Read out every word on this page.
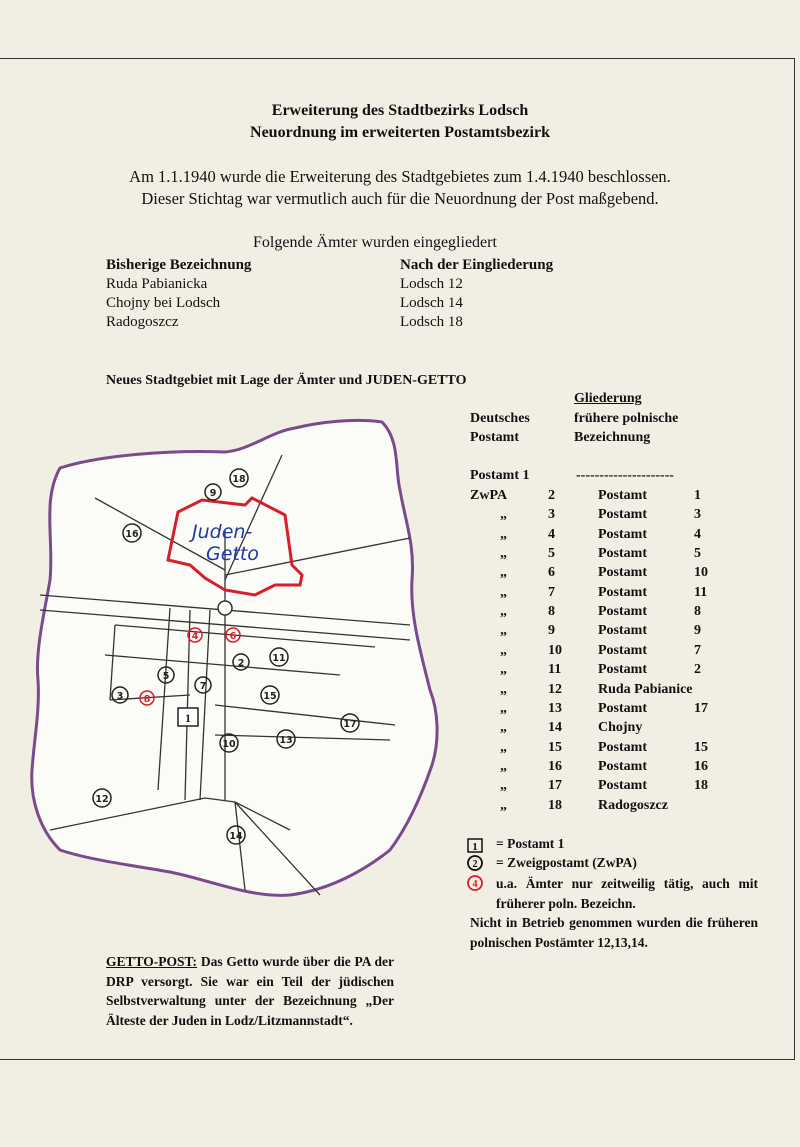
Erweiterung des Stadtbezirks Lodsch
Neuordnung im erweiterten Postamtsbezirk
Am 1.1.1940 wurde die Erweiterung des Stadtgebietes zum 1.4.1940 beschlossen.
Dieser Stichtag war vermutlich auch für die Neuordnung der Post maßgebend.
Folgende Ämter wurden eingegliedert
Bisherige Bezeichnung	Nach der Eingliederung
Ruda Pabianicka	Lodsch 12
Chojny bei Lodsch	Lodsch 14
Radogoszcz	Lodsch 18
Neues Stadtgebiet mit Lage der Ämter und JUDEN-GETTO
Juden-
Getto
1
2
3
4
5
6
7
8
9
10
11
12
13
14
15
16
17
18
Gliederung
Deutsches
Postamt
frühere polnische
Bezeichnung
Postamt 1	---------------------
ZwPA	2	Postamt	1
„	3	Postamt	3
„	4	Postamt	4
„	5	Postamt	5
„	6	Postamt	10
„	7	Postamt	11
„	8	Postamt	8
„	9	Postamt	9
„	10	Postamt	7
„	11	Postamt	2
„	12	Ruda Pabianice
„	13	Postamt	17
„	14	Chojny
„	15	Postamt	15
„	16	Postamt	16
„	17	Postamt	18
„	18	Radogoszcz
1
2
4
= Postamt 1
= Zweigpostamt (ZwPA)
u.a. Ämter nur zeitweilig tätig, auch mit früherer poln. Bezeichn.
Nicht in Betrieb genommen wurden die früheren polnischen Postämter 12,13,14.
GETTO-POST: Das Getto wurde über die PA der DRP versorgt. Sie war ein Teil der jüdischen Selbstverwaltung unter der Bezeichnung „Der Älteste der Juden in Lodz/Litzmannstadt“.
